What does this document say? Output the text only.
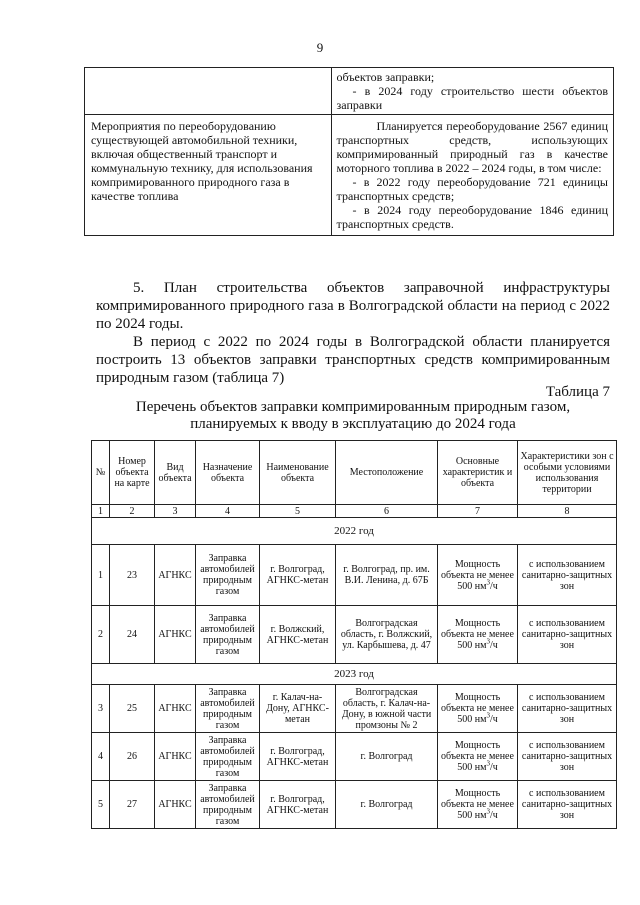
9

	объектов заправки;

- в 2024 году строительство шести объектов заправки

Мероприятия по переоборудованию существующей автомобильной техники, включая общественный транспорт и коммунальную технику, для использования компримированного природного газа в качестве топлива	Планируется переоборудование 2567 единиц транспортных средств, использующих компримированный природный газ в качестве моторного топлива в 2022 – 2024 годы, в том числе:

- в 2022 году переоборудование 721 единицы транспортных средств;

- в 2024 году переоборудование 1846 единиц транспортных средств.

5. План строительства объектов заправочной инфраструктуры компримированного природного газа в Волгоградской области на период с 2022 по 2024 годы.
В период с 2022 по 2024 годы в Волгоградской области планируется построить 13 объектов заправки транспортных средств компримированным природным газом (таблица 7)
Таблица 7
Перечень объектов заправки компримированным природным газом,
планируемых к вводу в эксплуатацию до 2024 года
№	Номер объекта на карте	Вид объекта	Назначение объекта	Наименование объекта	Местоположение	Основные характеристик и объекта	Характеристики зон с особыми условиями использования территории
1	2	3	4	5	6	7	8
2022 год							
1	23	АГНКС	Заправка автомобилей природным газом	г. Волгоград, АГНКС-метан	г. Волгоград, пр. им. В.И. Ленина, д. 67Б	Мощность объекта не менее 500 $нм^3/ч$	с использованием санитарно-защитных зон
2	24	АГНКС	Заправка автомобилей природным газом	г. Волжский, АГНКС-метан	Волгоградская область, г. Волжский, ул. Карбышева, д. 47	Мощность объекта не менее 500 $нм^3/ч$	с использованием санитарно-защитных зон
2023 год							
3	25	АГНКС	Заправка автомобилей природным газом	г. Калач-на-Дону, АГНКС-метан	Волгоградская область, г. Калач-на-Дону, в южной части промзоны № 2	Мощность объекта не менее 500 $нм^3/ч$	с использованием санитарно-защитных зон
4	26	АГНКС	Заправка автомобилей природным газом	г. Волгоград, АГНКС-метан	г. Волгоград	Мощность объекта не менее 500 $нм^3/ч$	с использованием санитарно-защитных зон
5	27	АГНКС	Заправка автомобилей природным газом	г. Волгоград, АГНКС-метан	г. Волгоград	Мощность объекта не менее 500 $нм^3/ч$	с использованием санитарно-защитных зон
